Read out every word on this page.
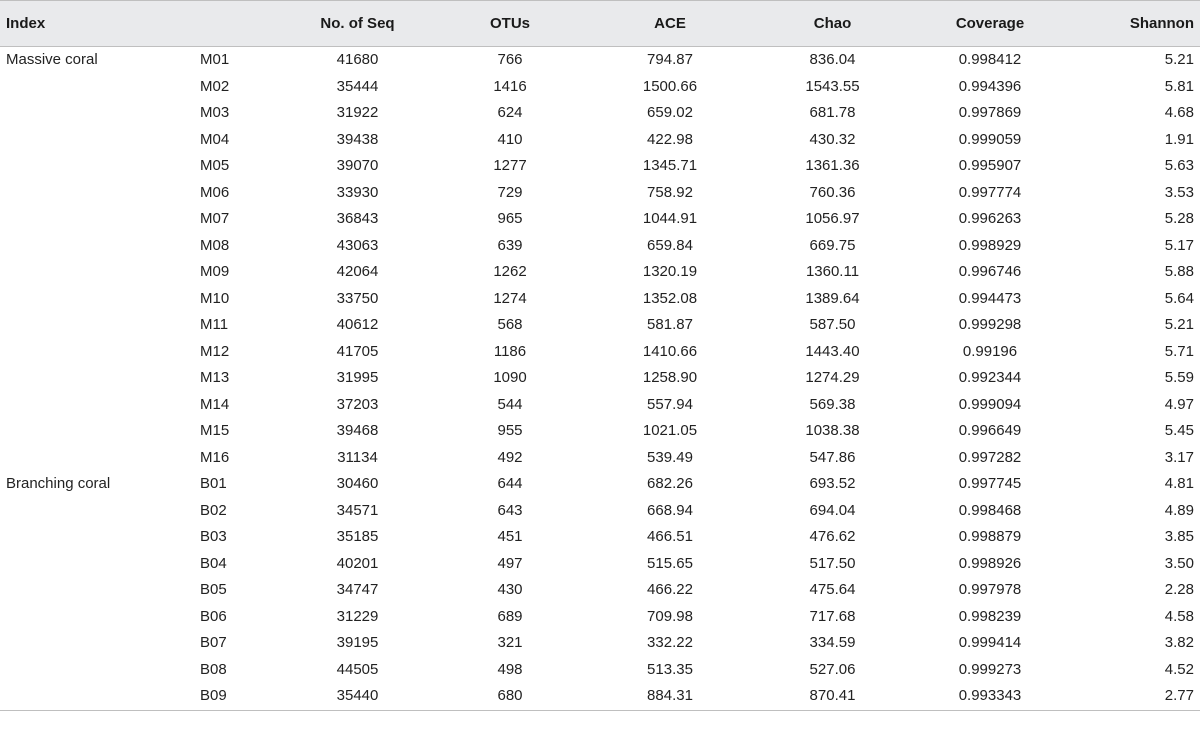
Index		No. of Seq	OTUs	ACE	Chao	Coverage	Shannon
Massive coral	M01	41680	766	794.87	836.04	0.998412	5.21
	M02	35444	1416	1500.66	1543.55	0.994396	5.81
	M03	31922	624	659.02	681.78	0.997869	4.68
	M04	39438	410	422.98	430.32	0.999059	1.91
	M05	39070	1277	1345.71	1361.36	0.995907	5.63
	M06	33930	729	758.92	760.36	0.997774	3.53
	M07	36843	965	1044.91	1056.97	0.996263	5.28
	M08	43063	639	659.84	669.75	0.998929	5.17
	M09	42064	1262	1320.19	1360.11	0.996746	5.88
	M10	33750	1274	1352.08	1389.64	0.994473	5.64
	M11	40612	568	581.87	587.50	0.999298	5.21
	M12	41705	1186	1410.66	1443.40	0.99196	5.71
	M13	31995	1090	1258.90	1274.29	0.992344	5.59
	M14	37203	544	557.94	569.38	0.999094	4.97
	M15	39468	955	1021.05	1038.38	0.996649	5.45
	M16	31134	492	539.49	547.86	0.997282	3.17
Branching coral	B01	30460	644	682.26	693.52	0.997745	4.81
	B02	34571	643	668.94	694.04	0.998468	4.89
	B03	35185	451	466.51	476.62	0.998879	3.85
	B04	40201	497	515.65	517.50	0.998926	3.50
	B05	34747	430	466.22	475.64	0.997978	2.28
	B06	31229	689	709.98	717.68	0.998239	4.58
	B07	39195	321	332.22	334.59	0.999414	3.82
	B08	44505	498	513.35	527.06	0.999273	4.52
	B09	35440	680	884.31	870.41	0.993343	2.77
